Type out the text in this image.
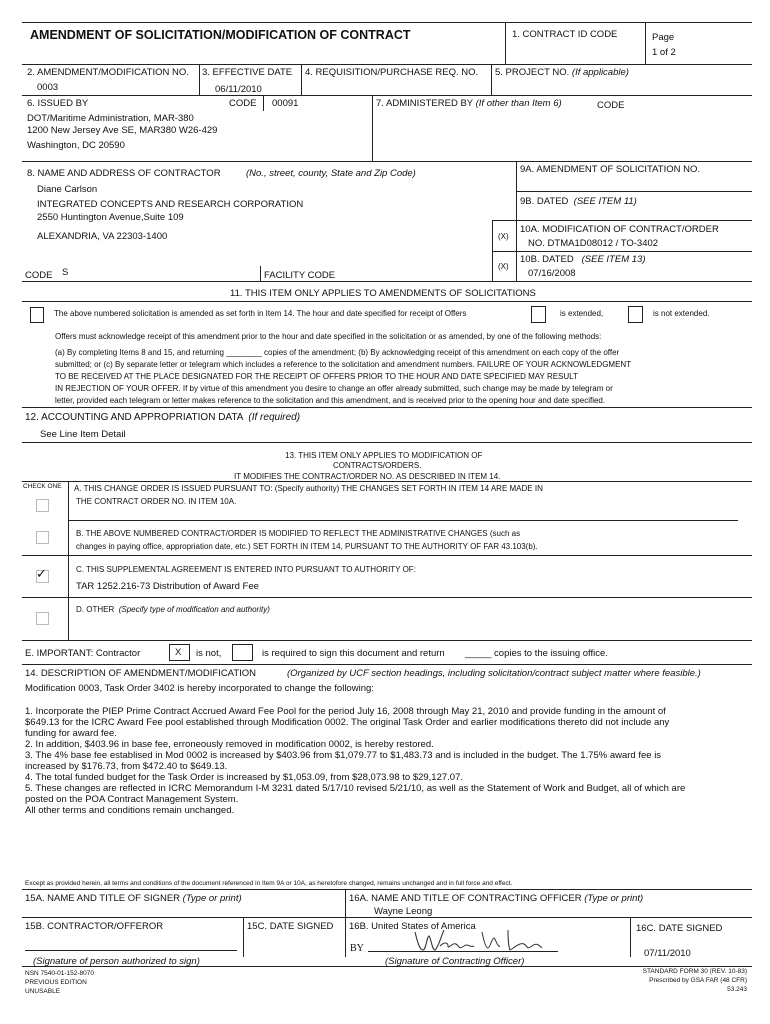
AMENDMENT OF SOLICITATION/MODIFICATION OF CONTRACT	1. CONTRACT ID CODE	Page
1 of 2
2. AMENDMENT/MODIFICATION NO.
0003
3. EFFECTIVE DATE
06/11/2010
4. REQUISITION/PURCHASE REQ. NO. 5. PROJECT NO. (If applicable)
6. ISSUED BY	CODE 00091
DOT/Maritime Administration, MAR-380
1200 New Jersey Ave SE, MAR380 W26-429
Washington, DC 20590
7. ADMINISTERED BY (If other than Item 6)	CODE
8. NAME AND ADDRESS OF CONTRACTOR	(No., street, county, State and Zip Code)
Diane Carlson
INTEGRATED CONCEPTS AND RESEARCH CORPORATION
2550 Huntington Avenue,Suite 109
ALEXANDRIA, VA 22303-1400
CODE S	FACILITY CODE
9A. AMENDMENT OF SOLICITATION NO.
9B. DATED (SEE ITEM 11)
(X)
10A. MODIFICATION OF CONTRACT/ORDER
NO. DTMA1D08012 / TO-3402
(X)
10B. DATED (SEE ITEM 13)
07/16/2008
11. THIS ITEM ONLY APPLIES TO AMENDMENTS OF SOLICITATIONS
The above numbered solicitation is amended as set forth in Item 14. The hour and date specified for receipt of Offers	is extended,	is not extended.
Offers must acknowledge receipt of this amendment prior to the hour and date specified in the solicitation or as amended, by one of the following methods:
(a) By completing Items 8 and 15, and returning ________ copies of the amendment; (b) By acknowledging receipt of this amendment on each copy of the offer
submitted; or (c) By separate letter or telegram which includes a reference to the solicitation and amendment numbers. FAILURE OF YOUR ACKNOWLEDGMENT
TO BE RECEIVED AT THE PLACE DESIGNATED FOR THE RECEIPT OF OFFERS PRIOR TO THE HOUR AND DATE SPECIFIED MAY RESULT
IN REJECTION OF YOUR OFFER. If by virtue of this amendment you desire to change an offer already submitted, such change may be made by telegram or
letter, provided each telegram or letter makes reference to the solicitation and this amendment, and is received prior to the opening hour and date specified.
12. ACCOUNTING AND APPROPRIATION DATA (If required)
See Line Item Detail
13. THIS ITEM ONLY APPLIES TO MODIFICATION OF
CONTRACTS/ORDERS.
IT MODIFIES THE CONTRACT/ORDER NO. AS DESCRIBED IN ITEM 14.
CHECK ONE A. THIS CHANGE ORDER IS ISSUED PURSUANT TO: (Specify authority) THE CHANGES SET FORTH IN ITEM 14 ARE MADE IN
THE CONTRACT ORDER NO. IN ITEM 10A.
B. THE ABOVE NUMBERED CONTRACT/ORDER IS MODIFIED TO REFLECT THE ADMINISTRATIVE CHANGES (such as
changes in paying office, appropriation date, etc.) SET FORTH IN ITEM 14, PURSUANT TO THE AUTHORITY OF FAR 43.103(b).
✓	C. THIS SUPPLEMENTAL AGREEMENT IS ENTERED INTO PURSUANT TO AUTHORITY OF:
TAR 1252.216-73 Distribution of Award Fee
D. OTHER (Specify type of modification and authority)
E. IMPORTANT: Contractor	X is not,	is required to sign this document and return _____ copies to the issuing office.
14. DESCRIPTION OF AMENDMENT/MODIFICATION	(Organized by UCF section headings, including solicitation/contract subject matter where feasible.)
Modification 0003, Task Order 3402 is hereby incorporated to change the following:
1. Incorporate the PIEP Prime Contract Accrued Award Fee Pool for the period July 16, 2008 through May 21, 2010 and provide funding in the amount of
$649.13 for the ICRC Award Fee pool established through Modification 0002. The original Task Order and earlier modifications thereto did not include any
funding for award fee.
2. In addition, $403.96 in base fee, erroneously removed in modification 0002, is hereby restored.
3. The 4% base fee establised in Mod 0002 is increased by $403.96 from $1,079.77 to $1,483.73 and is included in the budget. The 1.75% award fee is
increased by $176.73, from $472.40 to $649.13.
4. The total funded budget for the Task Order is increased by $1,053.09, from $28,073.98 to $29,127.07.
5. These changes are reflected in ICRC Memorandum I-M 3231 dated 5/17/10 revised 5/21/10, as well as the Statement of Work and Budget, all of which are
posted on the POA Contract Management System.
All other terms and conditions remain unchanged.
Except as provided herein, all terms and conditions of the document referenced in Item 9A or 10A, as heretofore changed, remains unchanged and in full force and effect.
15A. NAME AND TITLE OF SIGNER (Type or print)	16A. NAME AND TITLE OF CONTRACTING OFFICER (Type or print)
Wayne Leong
15B. CONTRACTOR/OFFEROR	15C. DATE SIGNED 16B. United States of America	16C. DATE SIGNED
07/11/2010
(Signature of person authorized to sign)
BY
(Signature of Contracting Officer)
NSN 7540-01-152-8070
PREVIOUS EDITION
UNUSABLE
STANDARD FORM 30 (REV. 10-83)
Prescribed by GSA FAR (48 CFR)
53.243
